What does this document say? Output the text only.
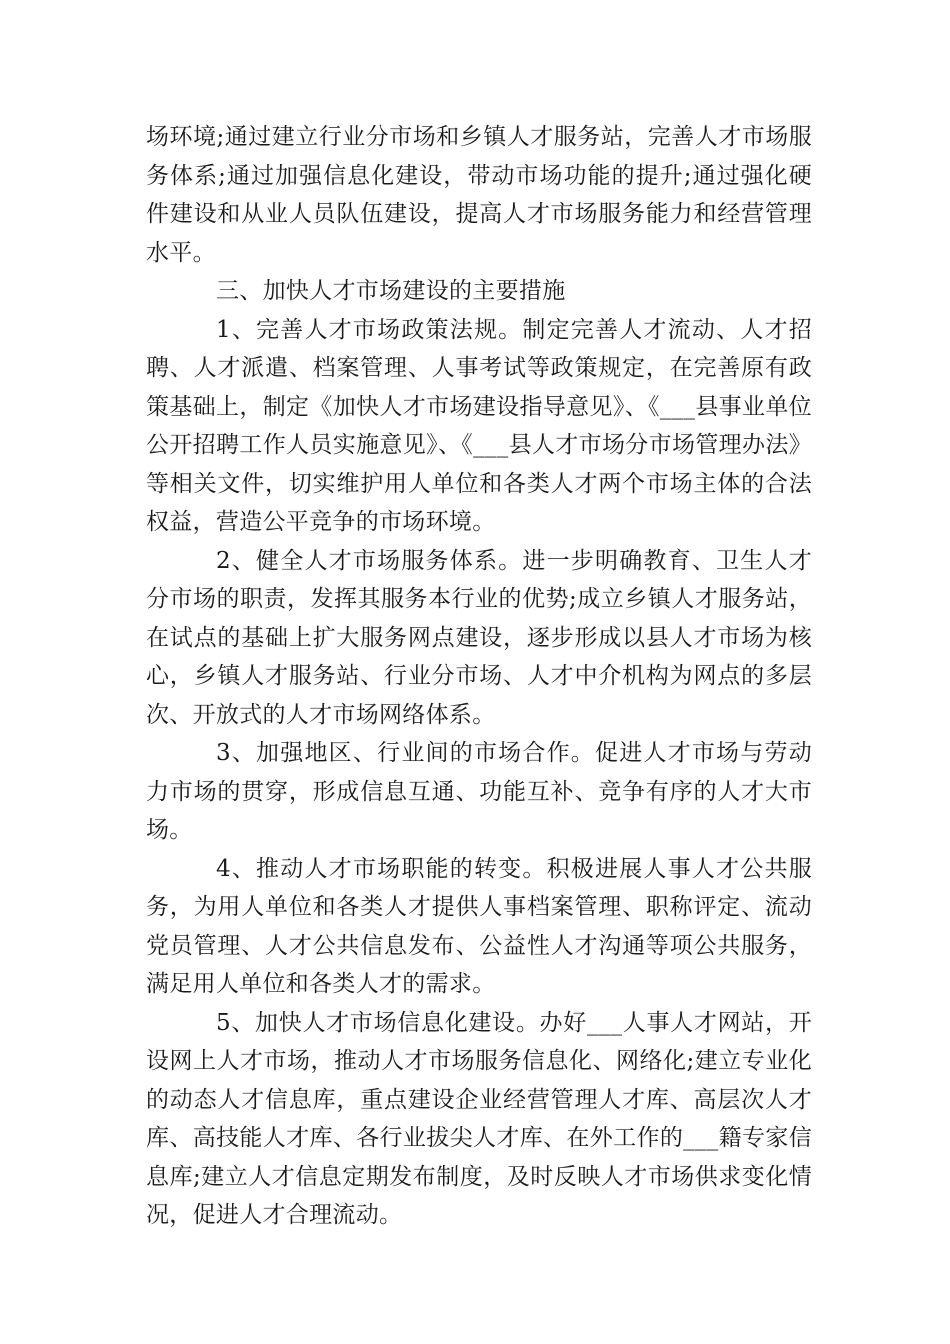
场环境;通过建立行业分市场和乡镇人才服务站，完善人才市场服务体系;通过加强信息化建设，带动市场功能的提升;通过强化硬件建设和从业人员队伍建设，提高人才市场服务能力和经营管理水平。

三、加快人才市场建设的主要措施

1、完善人才市场政策法规。制定完善人才流动、人才招聘、人才派遣、档案管理、人事考试等政策规定，在完善原有政策基础上，制定《加快人才市场建设指导意见》、《___县事业单位公开招聘工作人员实施意见》、《___县人才市场分市场管理办法》等相关文件，切实维护用人单位和各类人才两个市场主体的合法权益，营造公平竞争的市场环境。

2、健全人才市场服务体系。进一步明确教育、卫生人才分市场的职责，发挥其服务本行业的优势;成立乡镇人才服务站，在试点的基础上扩大服务网点建设，逐步形成以县人才市场为核心，乡镇人才服务站、行业分市场、人才中介机构为网点的多层次、开放式的人才市场网络体系。

3、加强地区、行业间的市场合作。促进人才市场与劳动力市场的贯穿，形成信息互通、功能互补、竞争有序的人才大市场。

4、推动人才市场职能的转变。积极进展人事人才公共服务，为用人单位和各类人才提供人事档案管理、职称评定、流动党员管理、人才公共信息发布、公益性人才沟通等项公共服务，满足用人单位和各类人才的需求。

5、加快人才市场信息化建设。办好___人事人才网站，开设网上人才市场，推动人才市场服务信息化、网络化;建立专业化的动态人才信息库，重点建设企业经营管理人才库、高层次人才库、高技能人才库、各行业拔尖人才库、在外工作的___籍专家信息库;建立人才信息定期发布制度，及时反映人才市场供求变化情况，促进人才合理流动。
